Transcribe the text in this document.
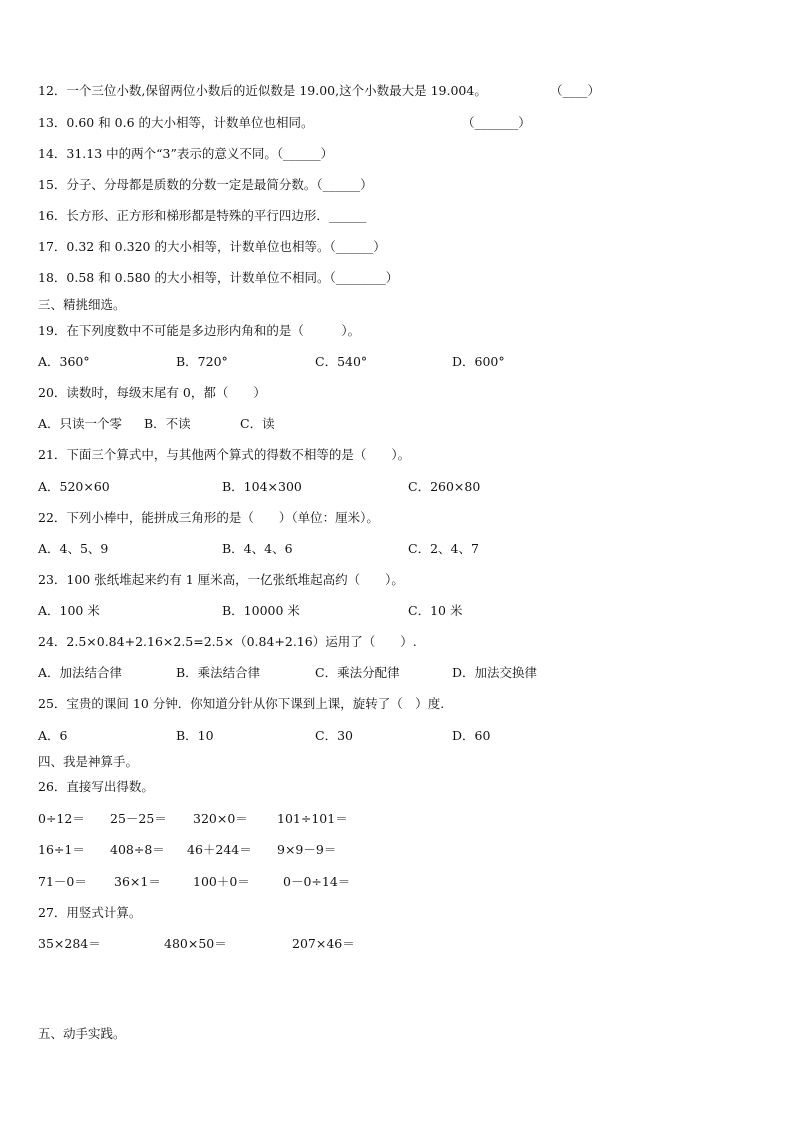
12．一个三位小数,保留两位小数后的近似数是 19.00,这个小数最大是 19.004。	（____）
13．0.60 和 0.6 的大小相等，计数单位也相同。	（_______）
14．31.13 中的两个“3”表示的意义不同。（______）
15．分子、分母都是质数的分数一定是最简分数。（______）
16．长方形、正方形和梯形都是特殊的平行四边形．______
17．0.32 和 0.320 的大小相等，计数单位也相等。（______）
18．0.58 和 0.580 的大小相等，计数单位不相同。（________）
三、精挑细选。
19．在下列度数中不可能是多边形内角和的是（　　　）。
A．360°	B．720°	C．540°	D．600°
20．读数时，每级末尾有 0，都（　　）
A．只读一个零 B．不读	C．读
21．下面三个算式中，与其他两个算式的得数不相等的是（　　）。
A．520×60	B．104×300	C．260×80
22．下列小棒中，能拼成三角形的是（　　）（单位：厘米）。
A．4、5、9	B．4、4、6	C．2、4、7
23．100 张纸堆起来约有 1 厘米高，一亿张纸堆起高约（　　）。
A．100 米	B．10000 米	C．10 米
24．2.5×0.84+2.16×2.5=2.5×（0.84+2.16）运用了（　　）.
A．加法结合律	B．乘法结合律	C．乘法分配律	D．加法交换律
25．宝贵的课间 10 分钟．你知道分针从你下课到上课，旋转了（　）度.
A．6	B．10	C．30	D．60
四、我是神算手。
26．直接写出得数。
0÷12＝ 25－25＝ 320×0＝ 101÷101＝
16÷1＝ 408÷8＝ 46＋244＝ 9×9－9＝
71－0＝ 36×1＝	100＋0＝	0－0÷14＝
27．用竖式计算。
35×284＝	480×50＝	207×46＝
五、动手实践。
